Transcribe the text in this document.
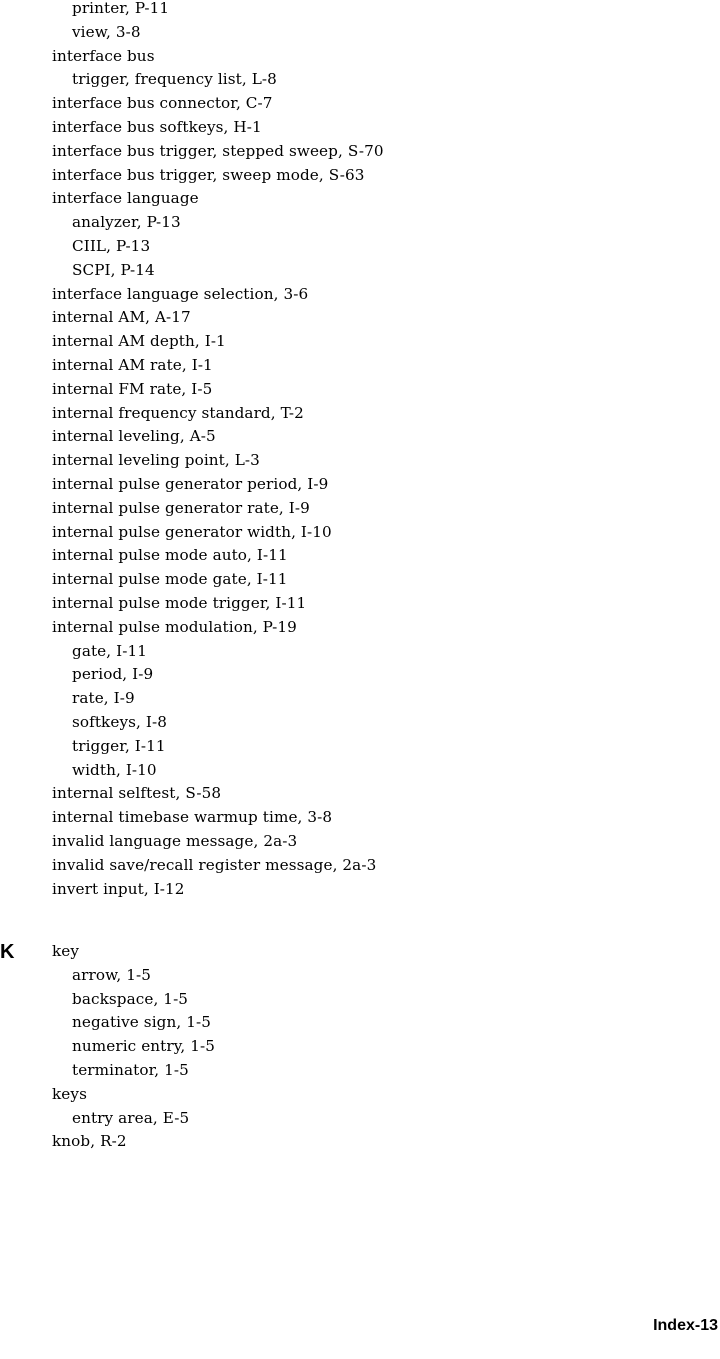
printer, P-11
view, 3-8
interface bus
trigger, frequency list, L-8
interface bus connector, C-7
interface bus softkeys, H-1
interface bus trigger, stepped sweep, S-70
interface bus trigger, sweep mode, S-63
interface language
analyzer, P-13
CIIL, P-13
SCPI, P-14
interface language selection, 3-6
internal AM, A-17
internal AM depth, I-1
internal AM rate, I-1
internal FM rate, I-5
internal frequency standard, T-2
internal leveling, A-5
internal leveling point, L-3
internal pulse generator period, I-9
internal pulse generator rate, I-9
internal pulse generator width, I-10
internal pulse mode auto, I-11
internal pulse mode gate, I-11
internal pulse mode trigger, I-11
internal pulse modulation, P-19
gate, I-11
period, I-9
rate, I-9
softkeys, I-8
trigger, I-11
width, I-10
internal selftest, S-58
internal timebase warmup time, 3-8
invalid language message, 2a-3
invalid save/recall register message, 2a-3
invert input, I-12
K key
arrow, 1-5
backspace, 1-5
negative sign, 1-5
numeric entry, 1-5
terminator, 1-5
keys
entry area, E-5
knob, R-2
Index-13
